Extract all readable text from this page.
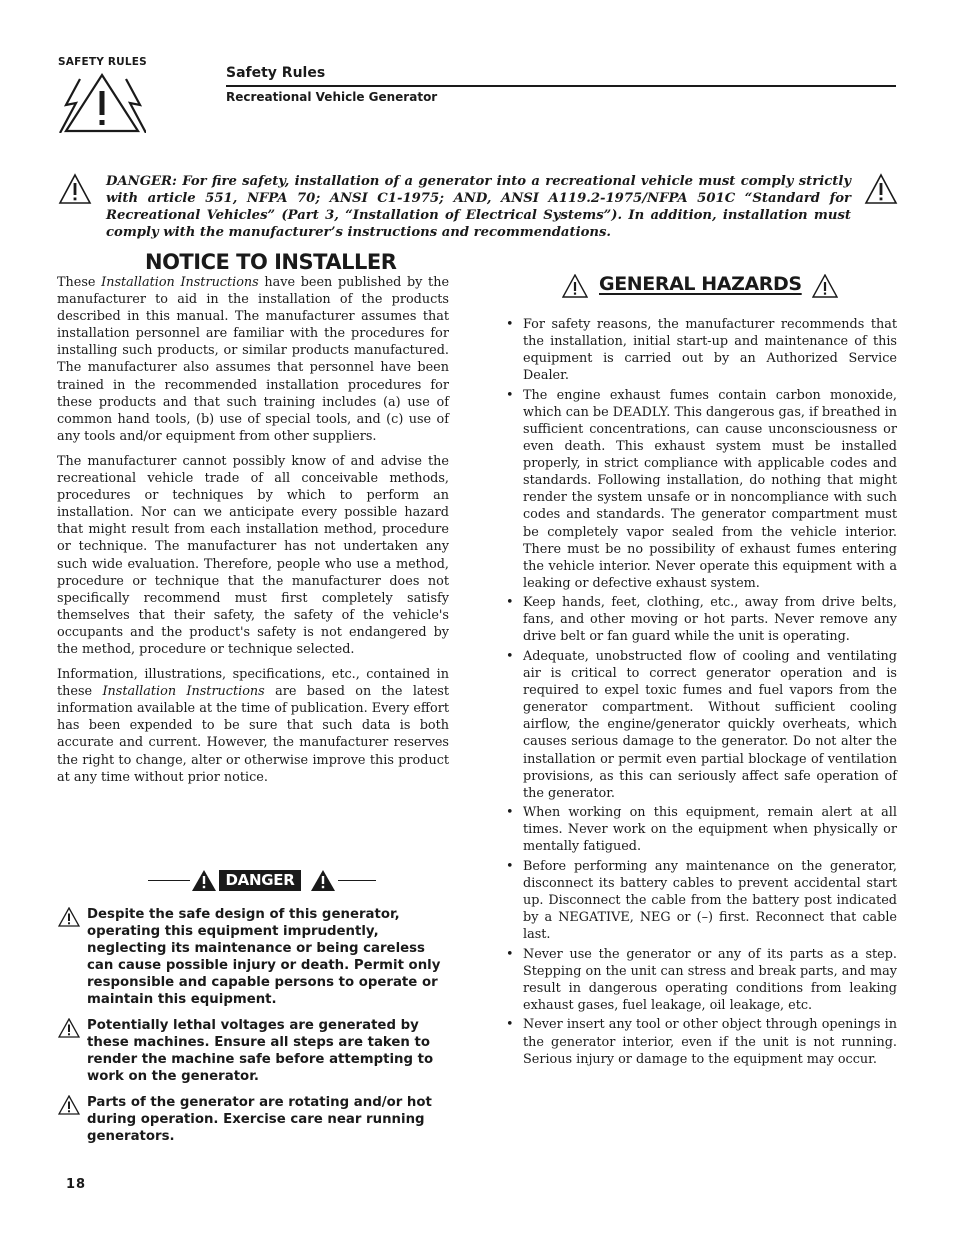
SAFETY RULES
Safety Rules
Recreational Vehicle Generator
DANGER: For fire safety, installation of a generator into a recreational vehicle must comply strictly with article 551, NFPA 70; ANSI C1-1975; AND, ANSI A119.2-1975/NFPA 501C “Standard for Recreational Vehicles” (Part 3, “Installation of Electrical Systems”). In addition, installation must comply with the manufacturer’s instructions and recommendations.
NOTICE TO INSTALLER

These Installation Instructions have been published by the manufacturer to aid in the installation of the products described in this manual. The manufacturer assumes that installation personnel are familiar with the procedures for installing such products, or similar products manufactured. The manufacturer also assumes that personnel have been trained in the recommended installation procedures for these products and that such training includes (a) use of common hand tools, (b) use of special tools, and (c) use of any tools and/or equipment from other suppliers.

The manufacturer cannot possibly know of and advise the recreational vehicle trade of all conceivable methods, procedures or techniques by which to perform an installation. Nor can we anticipate every possible hazard that might result from each installation method, procedure or technique. The manufacturer has not undertaken any such wide evaluation. Therefore, people who use a method, procedure or technique that the manufacturer does not specifically recommend must first completely satisfy themselves that their safety, the safety of the vehicle's occupants and the product's safety is not endangered by the method, procedure or technique selected.

Information, illustrations, specifications, etc., contained in these Installation Instructions are based on the latest information available at the time of publication. Every effort has been expended to be sure that such data is both accurate and current. However, the manufacturer reserves the right to change, alter or otherwise improve this product at any time without prior notice.

DANGER
Despite the safe design of this generator, operating this equipment imprudently, neglecting its maintenance or being careless can cause possible injury or death. Permit only responsible and capable persons to operate or maintain this equipment.
Potentially lethal voltages are generated by these machines. Ensure all steps are taken to render the machine safe before attempting to work on the generator.
Parts of the generator are rotating and/or hot during operation. Exercise care near running generators.
GENERAL HAZARDS
• For safety reasons, the manufacturer recommends that the installation, initial start-up and maintenance of this equipment is carried out by an Authorized Service Dealer.
• The engine exhaust fumes contain carbon monoxide, which can be DEADLY. This dangerous gas, if breathed in sufficient concentrations, can cause unconsciousness or even death. This exhaust system must be installed properly, in strict compliance with applicable codes and standards. Following installation, do nothing that might render the system unsafe or in noncompliance with such codes and standards. The generator compartment must be completely vapor sealed from the vehicle interior. There must be no possibility of exhaust fumes entering the vehicle interior. Never operate this equipment with a leaking or defective exhaust system.
• Keep hands, feet, clothing, etc., away from drive belts, fans, and other moving or hot parts. Never remove any drive belt or fan guard while the unit is operating.
• Adequate, unobstructed flow of cooling and ventilating air is critical to correct generator operation and is required to expel toxic fumes and fuel vapors from the generator compartment. Without sufficient cooling airflow, the engine/generator quickly overheats, which causes serious damage to the generator. Do not alter the installation or permit even partial blockage of ventilation provisions, as this can seriously affect safe operation of the generator.
• When working on this equipment, remain alert at all times. Never work on the equipment when physically or mentally fatigued.
• Before performing any maintenance on the generator, disconnect its battery cables to prevent accidental start up. Disconnect the cable from the battery post indicated by a NEGATIVE, NEG or (–) first. Reconnect that cable last.
• Never use the generator or any of its parts as a step. Stepping on the unit can stress and break parts, and may result in dangerous operating conditions from leaking exhaust gases, fuel leakage, oil leakage, etc.
• Never insert any tool or other object through openings in the generator interior, even if the unit is not running. Serious injury or damage to the equipment may occur.
18
